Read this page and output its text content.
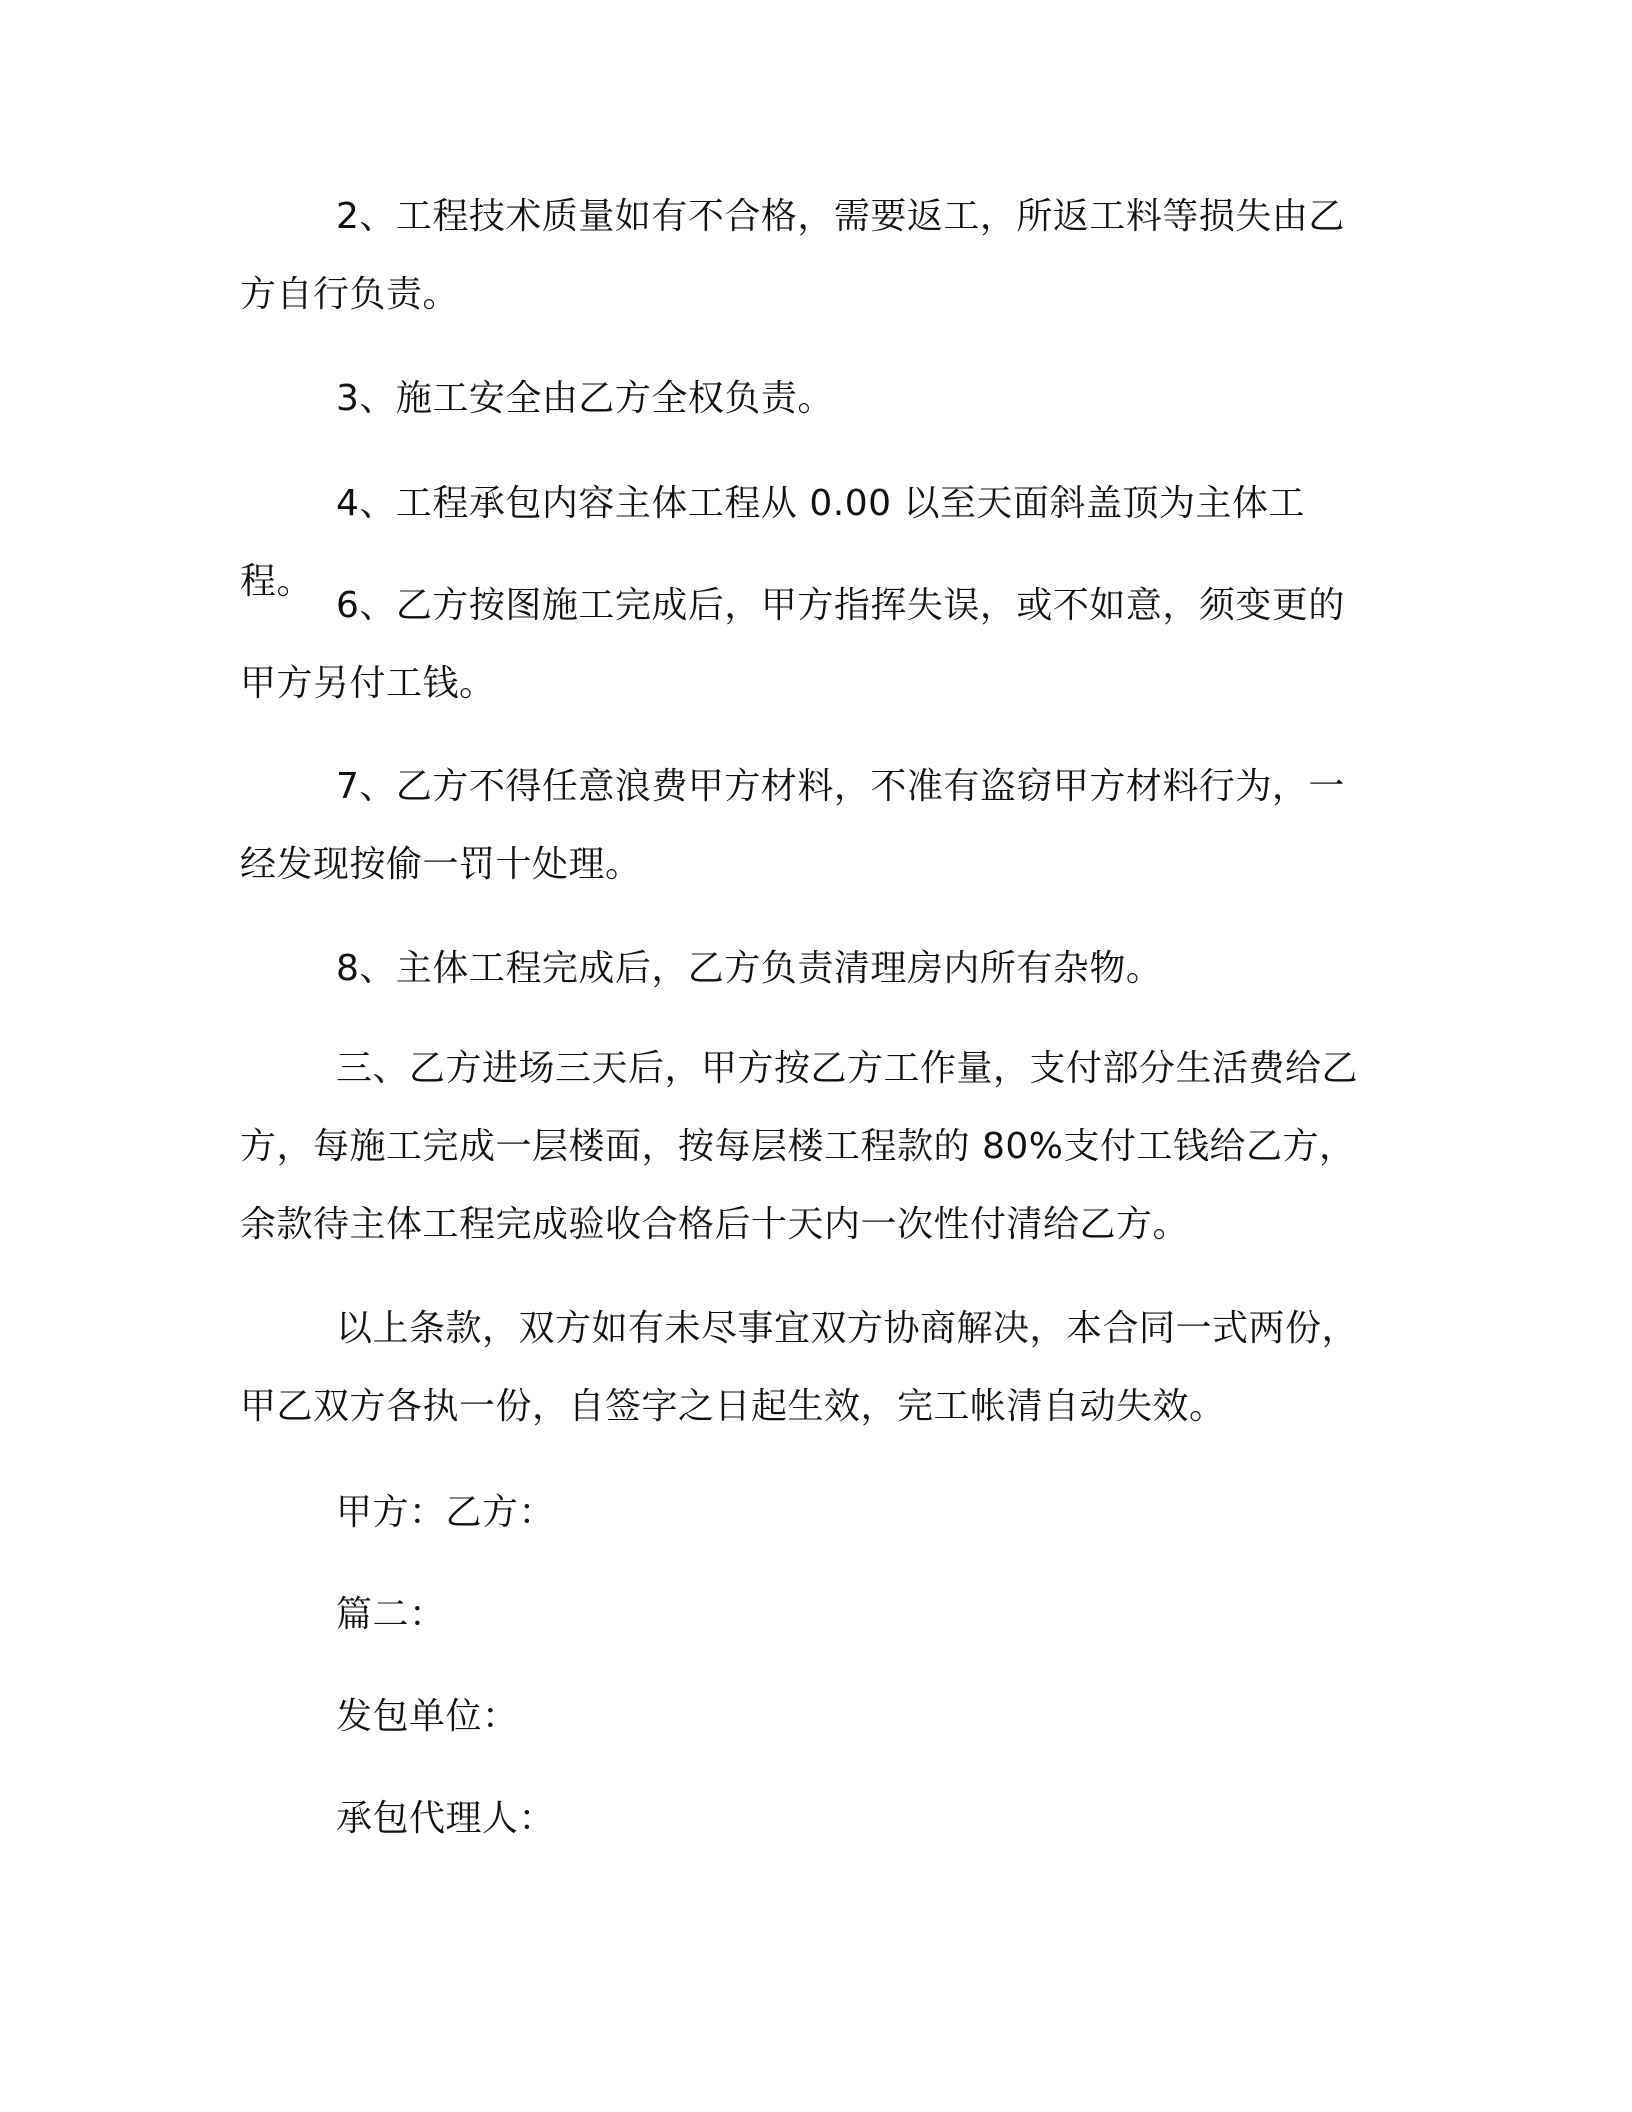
2、工程技术质量如有不合格，需要返工，所返工料等损失由乙方自行负责。

3、施工安全由乙方全权负责。

4、工程承包内容主体工程从 0.00 以至天面斜盖顶为主体工程。

6、乙方按图施工完成后，甲方指挥失误，或不如意，须变更的甲方另付工钱。

7、乙方不得任意浪费甲方材料，不准有盗窃甲方材料行为，一经发现按偷一罚十处理。

8、主体工程完成后，乙方负责清理房内所有杂物。

三、乙方进场三天后，甲方按乙方工作量，支付部分生活费给乙方，每施工完成一层楼面，按每层楼工程款的 80%支付工钱给乙方，余款待主体工程完成验收合格后十天内一次性付清给乙方。

以上条款，双方如有未尽事宜双方协商解决，本合同一式两份，甲乙双方各执一份，自签字之日起生效，完工帐清自动失效。

甲方：乙方：

篇二：

发包单位：

承包代理人：
